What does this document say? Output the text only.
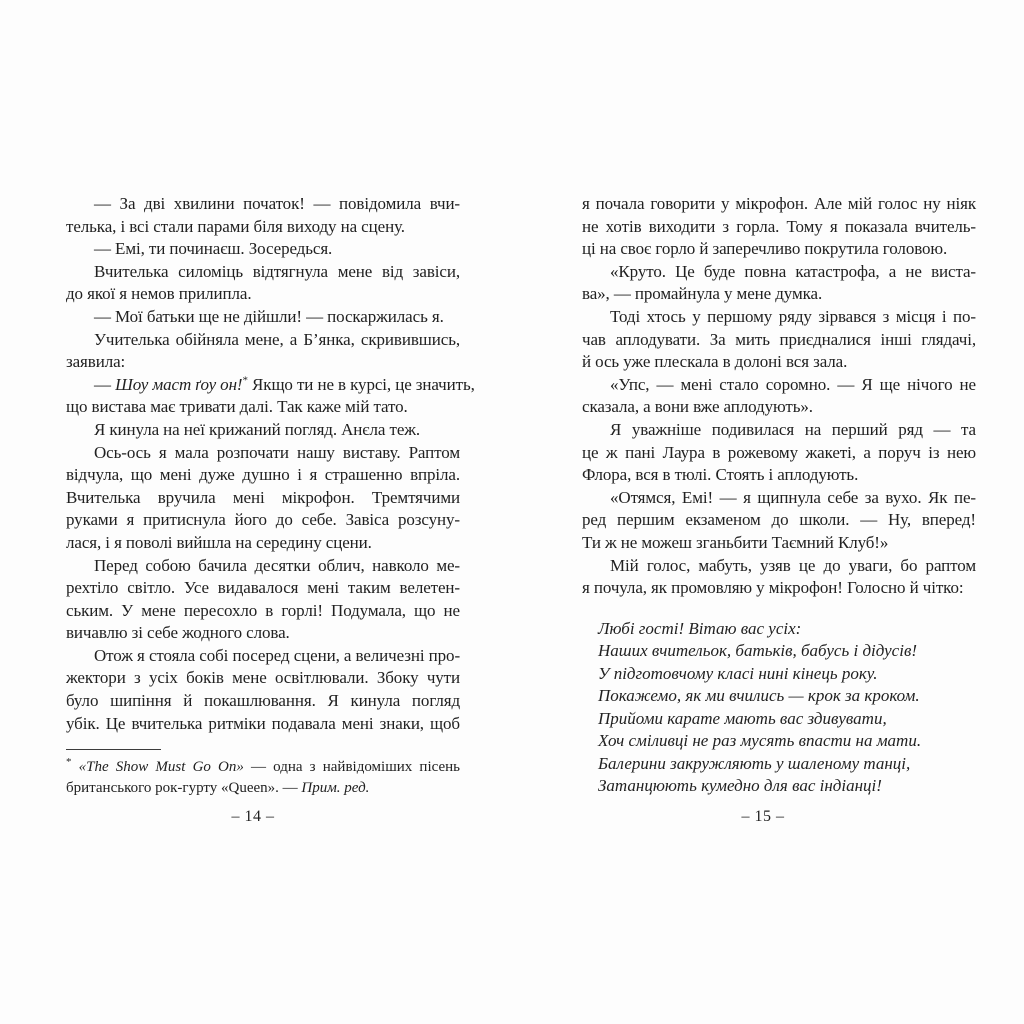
— За дві хвилини початок! — повідомила вчи-
телька, і всі стали парами біля виходу на сцену.
— Емі, ти починаєш. Зосередься.
Вчителька силоміць відтягнула мене від завіси,
до якої я немов прилипла.
— Мої батьки ще не дійшли! — поскаржилась я.
Учителька обійняла мене, а Б’янка, скривившись,
заявила:
— Шоу маст ґоу он!* Якщо ти не в курсі, це значить,
що вистава має тривати далі. Так каже мій тато.
Я кинула на неї крижаний погляд. Анєла теж.
Ось-ось я мала розпочати нашу виставу. Раптом
відчула, що мені дуже душно і я страшенно впріла.
Вчителька вручила мені мікрофон. Тремтячими
руками я притиснула його до себе. Завіса розсуну-
лася, і я поволі вийшла на середину сцени.
Перед собою бачила десятки облич, навколо ме-
рехтіло світло. Усе видавалося мені таким велетен-
ським. У мене пересохло в горлі! Подумала, що не
вичавлю зі себе жодного слова.
Отож я стояла собі посеред сцени, а величезні про-
жектори з усіх боків мене освітлювали. Збоку чути
було шипіння й покашлювання. Я кинула погляд
убік. Це вчителька ритміки подавала мені знаки, щоб
* «The Show Must Go On» — одна з найвідоміших пісень
британського рок-гурту «Queen». — Прим. ред.
я почала говорити у мікрофон. Але мій голос ну ніяк
не хотів виходити з горла. Тому я показала вчитель-
ці на своє горло й заперечливо покрутила головою.
«Круто. Це буде повна катастрофа, а не виста-
ва», — промайнула у мене думка.
Тоді хтось у першому ряду зірвався з місця і по-
чав аплодувати. За мить приєдналися інші глядачі,
й ось уже плескала в долоні вся зала.
«Упс, — мені стало соромно. — Я ще нічого не
сказала, а вони вже аплодують».
Я уважніше подивилася на перший ряд — та
це ж пані Лаура в рожевому жакеті, а поруч із нею
Флора, вся в тюлі. Стоять і аплодують.
«Отямся, Емі! — я щипнула себе за вухо. Як пе-
ред першим екзаменом до школи. — Ну, вперед!
Ти ж не можеш зганьбити Таємний Клуб!»
Мій голос, мабуть, узяв це до уваги, бо раптом
я почула, як промовляю у мікрофон! Голосно й чітко:
Любі гості! Вітаю вас усіх:
Наших вчительок, батьків, бабусь і дідусів!
У підготовчому класі нині кінець року.
Покажемо, як ми вчились — крок за кроком.
Прийоми карате мають вас здивувати,
Хоч сміливці не раз мусять впасти на мати.
Балерини закружляють у шаленому танці,
Затанцюють кумедно для вас індіанці!
– 14 –	– 15 –
